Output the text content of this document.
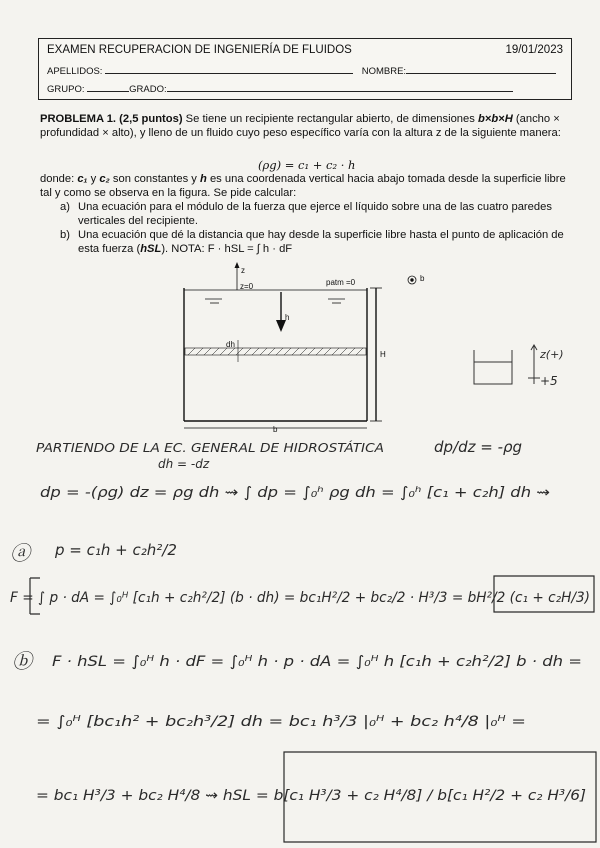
EXAMEN RECUPERACION DE INGENIERÍA DE FLUIDOS	19/01/2023
APELLIDOS:	NOMBRE:
GRUPO:	GRADO:
PROBLEMA 1. (2,5 puntos) Se tiene un recipiente rectangular abierto, de dimensiones b×b×H (ancho × profundidad × alto), y lleno de un fluido cuyo peso específico varía con la altura z de la siguiente manera:
(ρg) = c₁ + c₂ · h
donde: c₁ y c₂ son constantes y h es una coordenada vertical hacia abajo tomada desde la superficie libre tal y como se observa en la figura. Se pide calcular:
a) Una ecuación para el módulo de la fuerza que ejerce el líquido sobre una de las cuatro paredes verticales del recipiente.
b) Una ecuación que dé la distancia que hay desde la superficie libre hasta el punto de aplicación de esta fuerza (hSL). NOTA: F · hSL = ∫ h · dF
z
z=0	patm =0
h
dh
H
b
b
z(+)
+5
PARTIENDO DE LA EC. GENERAL DE HIDROSTÁTICA	dp/dz = -ρg
dh = -dz
dp = -(ρg) dz = ρg dh ⇝ ∫ dp = ∫₀ʰ ρg dh = ∫₀ʰ [c₁ + c₂h] dh ⇝
ⓐ p = c₁h + c₂h²/2
F = ∫ p · dA = ∫₀ᴴ [c₁h + c₂h²/2] (b · dh) = bc₁H²/2 + bc₂/2 · H³/3 = bH²/2 (c₁ + c₂H/3)
ⓑ F · hSL = ∫₀ᴴ h · dF = ∫₀ᴴ h · p · dA = ∫₀ᴴ h [c₁h + c₂h²/2] b · dh =
= ∫₀ᴴ [bc₁h² + bc₂h³/2] dh = bc₁ h³/3 |₀ᴴ + bc₂ h⁴/8 |₀ᴴ =
= bc₁ H³/3 + bc₂ H⁴/8 ⇝ hSL = b[c₁ H³/3 + c₂ H⁴/8] / b[c₁ H²/2 + c₂ H³/6]
